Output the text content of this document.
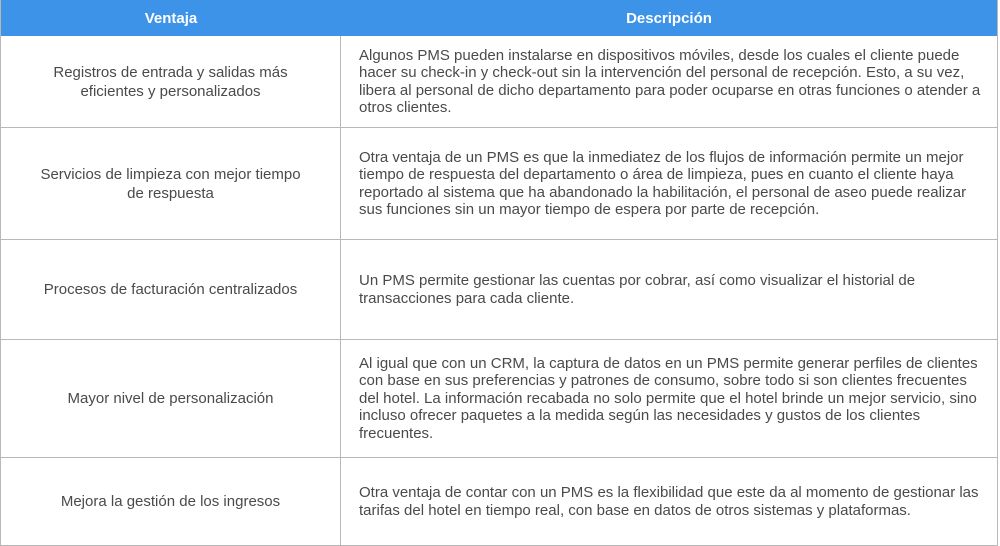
Ventaja	Descripción
Registros de entrada y salidas más eficientes y personalizados
Algunos PMS pueden instalarse en dispositivos móviles, desde los cuales el cliente puede hacer su check-in y check-out sin la intervención del personal de recepción. Esto, a su vez, libera al personal de dicho departamento para poder ocuparse en otras funciones o atender a otros clientes.
Servicios de limpieza con mejor tiempo de respuesta
Otra ventaja de un PMS es que la inmediatez de los flujos de información permite un mejor tiempo de respuesta del departamento o área de limpieza, pues en cuanto el cliente haya reportado al sistema que ha abandonado la habilitación, el personal de aseo puede realizar sus funciones sin un mayor tiempo de espera por parte de recepción.
Procesos de facturación centralizados
Un PMS permite gestionar las cuentas por cobrar, así como visualizar el historial de transacciones para cada cliente.
Mayor nivel de personalización
Al igual que con un CRM, la captura de datos en un PMS permite generar perfiles de clientes con base en sus preferencias y patrones de consumo, sobre todo si son clientes frecuentes del hotel. La información recabada no solo permite que el hotel brinde un mejor servicio, sino incluso ofrecer paquetes a la medida según las necesidades y gustos de los clientes frecuentes.
Mejora la gestión de los ingresos
Otra ventaja de contar con un PMS es la flexibilidad que este da al momento de gestionar las tarifas del hotel en tiempo real, con base en datos de otros sistemas y plataformas.
